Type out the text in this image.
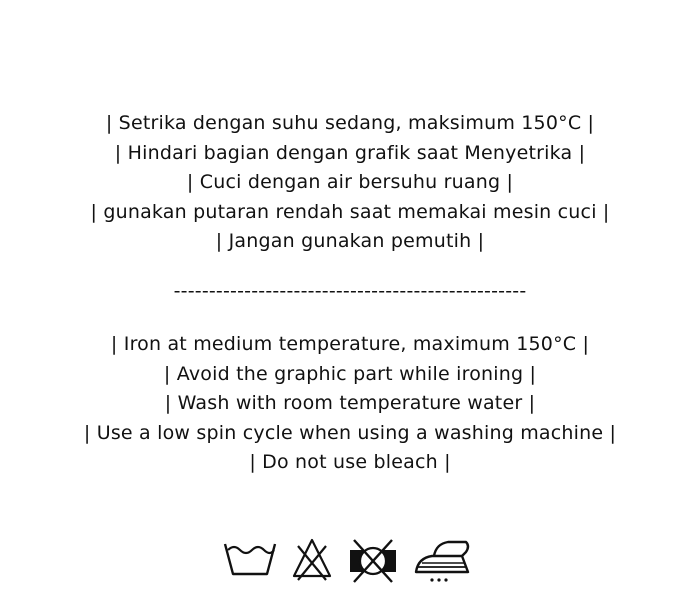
| Setrika dengan suhu sedang, maksimum 150°C |
| Hindari bagian dengan grafik saat Menyetrika |
| Cuci dengan air bersuhu ruang |
| gunakan putaran rendah saat memakai mesin cuci |
| Jangan gunakan pemutih |
--------------------------------------------------
| Iron at medium temperature, maximum 150°C |
| Avoid the graphic part while ironing |
| Wash with room temperature water |
| Use a low spin cycle when using a washing machine |
| Do not use bleach |
